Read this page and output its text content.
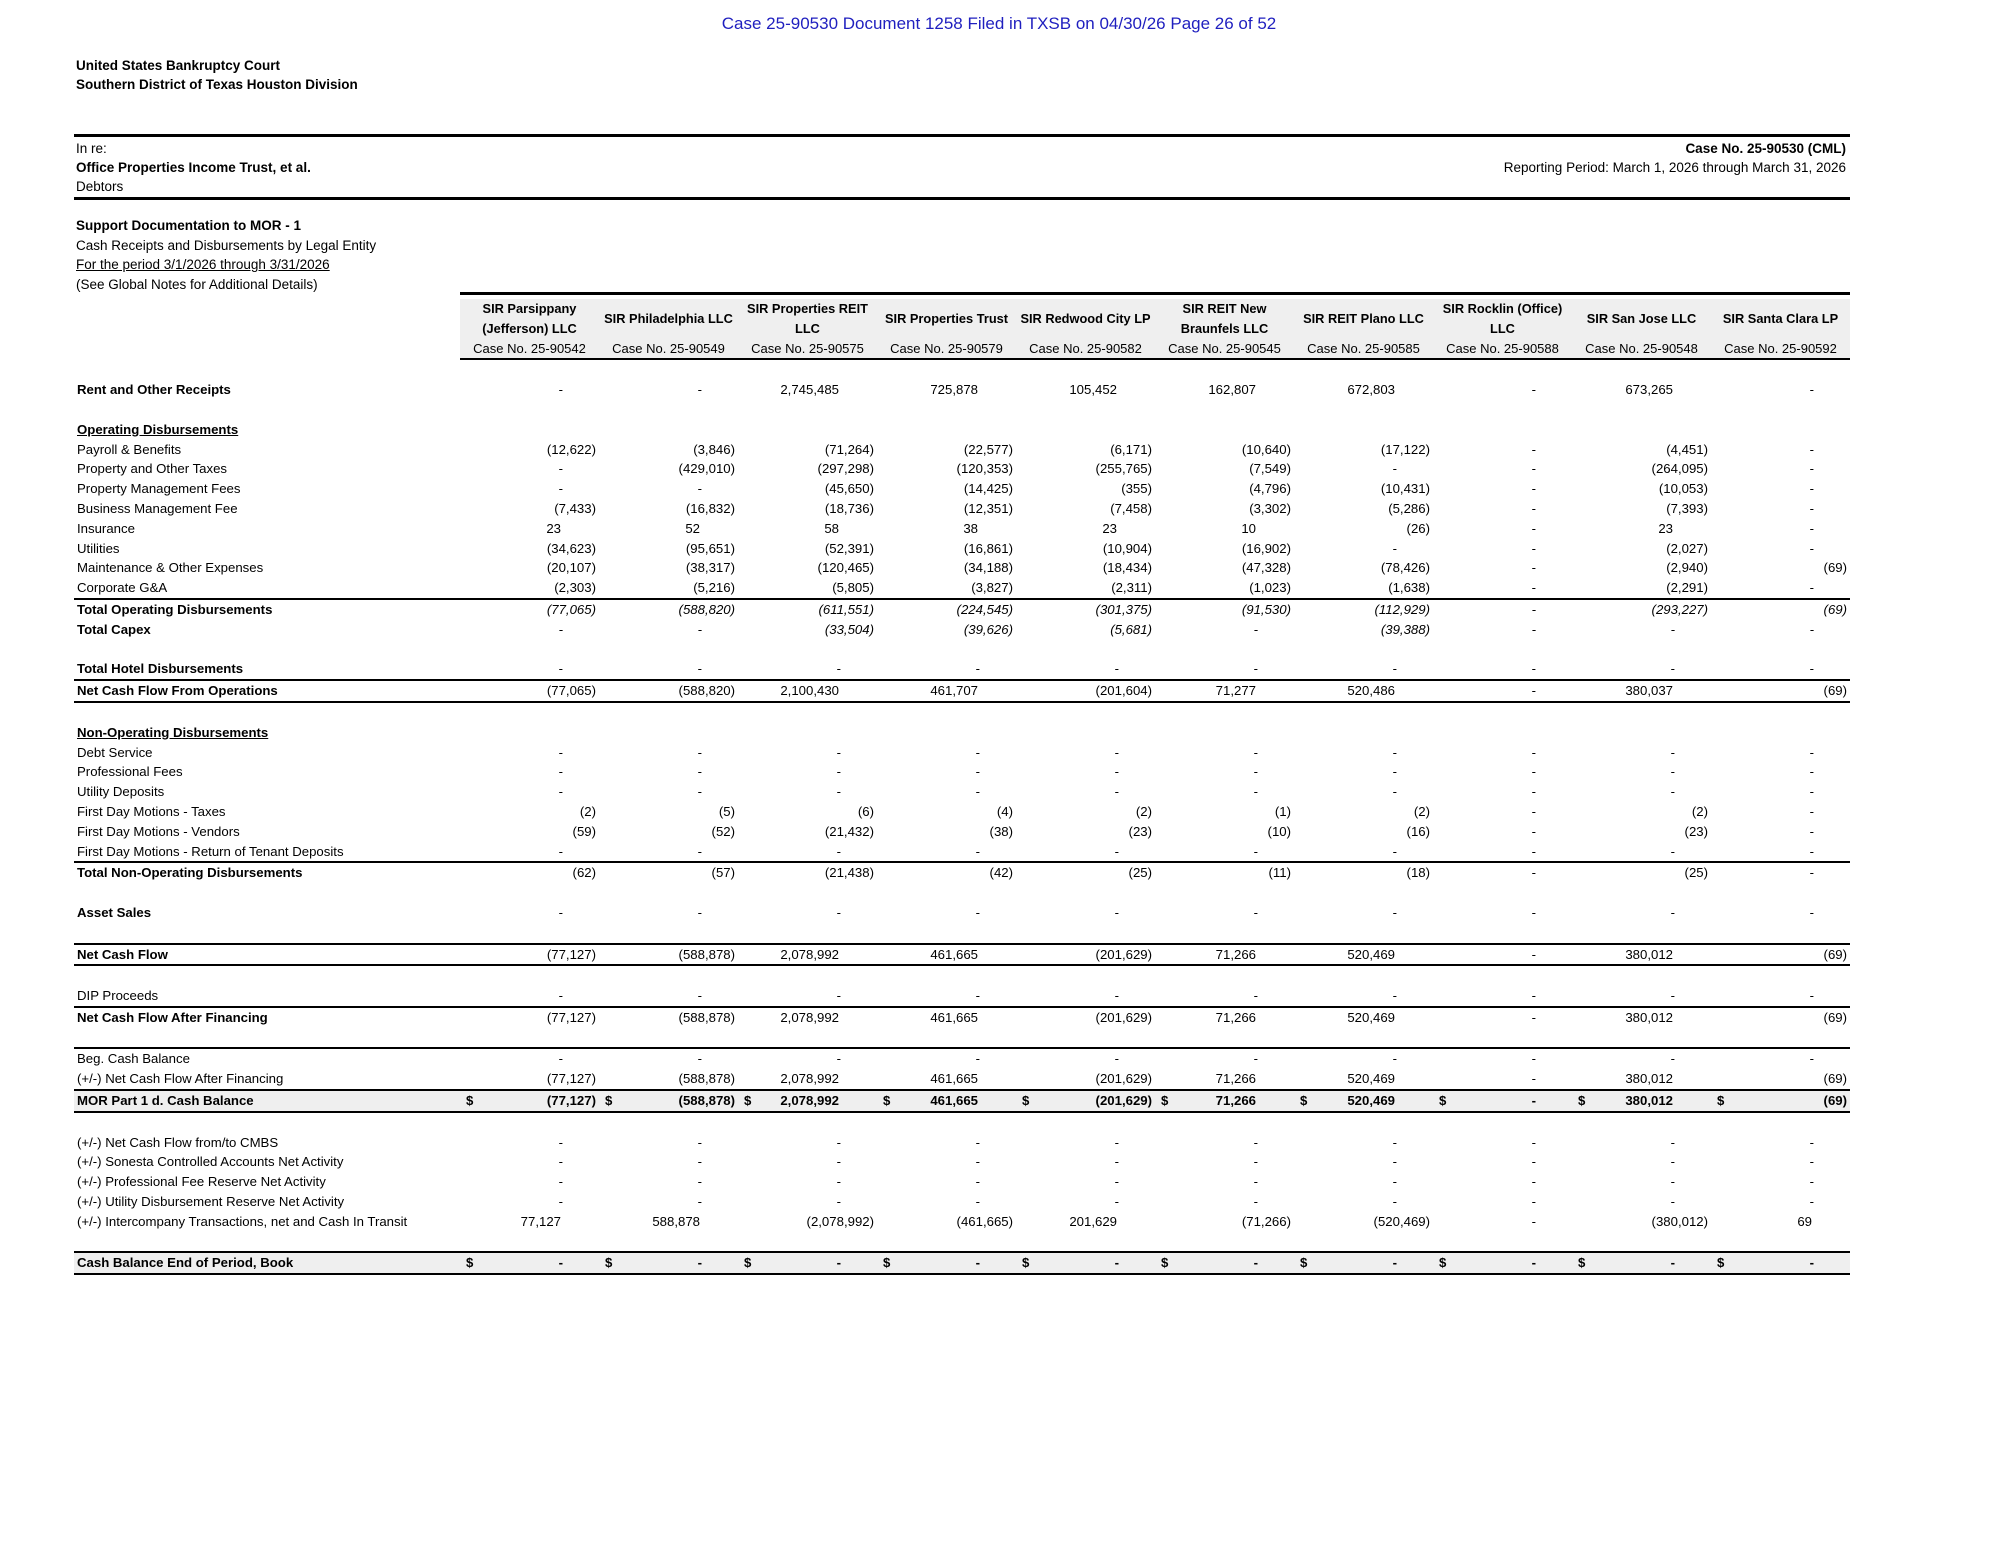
Case 25-90530 Document 1258 Filed in TXSB on 04/30/26 Page 26 of 52
United States Bankruptcy Court
Southern District of Texas Houston Division
In re:
Office Properties Income Trust, et al.
Debtors
Case No. 25-90530 (CML)
Reporting Period: March 1, 2026 through March 31, 2026
Support Documentation to MOR - 1
Cash Receipts and Disbursements by Legal Entity
For the period 3/1/2026 through 3/31/2026
(See Global Notes for Additional Details)

	SIR Parsippany (Jefferson) LLC	SIR Philadelphia LLC	SIR Properties REIT LLC	SIR Properties Trust	SIR Redwood City LP	SIR REIT New Braunfels LLC	SIR REIT Plano LLC	SIR Rocklin (Office) LLC	SIR San Jose LLC	SIR Santa Clara LP
	Case No. 25-90542	Case No. 25-90549	Case No. 25-90575	Case No. 25-90579	Case No. 25-90582	Case No. 25-90545	Case No. 25-90585	Case No. 25-90588	Case No. 25-90548	Case No. 25-90592

Rent and Other Receipts	-	-	2,745,485	725,878	105,452	162,807	672,803	-	673,265	-

Operating Disbursements										
Payroll & Benefits	(12,622)	(3,846)	(71,264)	(22,577)	(6,171)	(10,640)	(17,122)	-	(4,451)	-
Property and Other Taxes	-	(429,010)	(297,298)	(120,353)	(255,765)	(7,549)	-	-	(264,095)	-
Property Management Fees	-	-	(45,650)	(14,425)	(355)	(4,796)	(10,431)	-	(10,053)	-
Business Management Fee	(7,433)	(16,832)	(18,736)	(12,351)	(7,458)	(3,302)	(5,286)	-	(7,393)	-
Insurance	23	52	58	38	23	10	(26)	-	23	-
Utilities	(34,623)	(95,651)	(52,391)	(16,861)	(10,904)	(16,902)	-	-	(2,027)	-
Maintenance & Other Expenses	(20,107)	(38,317)	(120,465)	(34,188)	(18,434)	(47,328)	(78,426)	-	(2,940)	(69)
Corporate G&A	(2,303)	(5,216)	(5,805)	(3,827)	(2,311)	(1,023)	(1,638)	-	(2,291)	-
Total Operating Disbursements	(77,065)	(588,820)	(611,551)	(224,545)	(301,375)	(91,530)	(112,929)	-	(293,227)	(69)
Total Capex	-	-	(33,504)	(39,626)	(5,681)	-	(39,388)	-	-	-

Total Hotel Disbursements	-	-	-	-	-	-	-	-	-	-
Net Cash Flow From Operations	(77,065)	(588,820)	2,100,430	461,707	(201,604)	71,277	520,486	-	380,037	(69)

Non-Operating Disbursements										
Debt Service	-	-	-	-	-	-	-	-	-	-
Professional Fees	-	-	-	-	-	-	-	-	-	-
Utility Deposits	-	-	-	-	-	-	-	-	-	-
First Day Motions - Taxes	(2)	(5)	(6)	(4)	(2)	(1)	(2)	-	(2)	-
First Day Motions - Vendors	(59)	(52)	(21,432)	(38)	(23)	(10)	(16)	-	(23)	-
First Day Motions - Return of Tenant Deposits	-	-	-	-	-	-	-	-	-	-
Total Non-Operating Disbursements	(62)	(57)	(21,438)	(42)	(25)	(11)	(18)	-	(25)	-

Asset Sales	-	-	-	-	-	-	-	-	-	-

Net Cash Flow	(77,127)	(588,878)	2,078,992	461,665	(201,629)	71,266	520,469	-	380,012	(69)

DIP Proceeds	-	-	-	-	-	-	-	-	-	-
Net Cash Flow After Financing	(77,127)	(588,878)	2,078,992	461,665	(201,629)	71,266	520,469	-	380,012	(69)

Beg. Cash Balance	-	-	-	-	-	-	-	-	-	-
(+/-) Net Cash Flow After Financing	(77,127)	(588,878)	2,078,992	461,665	(201,629)	71,266	520,469	-	380,012	(69)
MOR Part 1 d. Cash Balance	$ (77,127)	$ (588,878)	$ 2,078,992	$ 461,665	$ (201,629)	$ 71,266	$ 520,469	$ -	$ 380,012	$ (69)

(+/-) Net Cash Flow from/to CMBS	-	-	-	-	-	-	-	-	-	-
(+/-) Sonesta Controlled Accounts Net Activity	-	-	-	-	-	-	-	-	-	-
(+/-) Professional Fee Reserve Net Activity	-	-	-	-	-	-	-	-	-	-
(+/-) Utility Disbursement Reserve Net Activity	-	-	-	-	-	-	-	-	-	-
(+/-) Intercompany Transactions, net and Cash In Transit	77,127	588,878	(2,078,992)	(461,665)	201,629	(71,266)	(520,469)	-	(380,012)	69

Cash Balance End of Period, Book	$ -	$ -	$ -	$ -	$ -	$ -	$ -	$ -	$ -	$ -
